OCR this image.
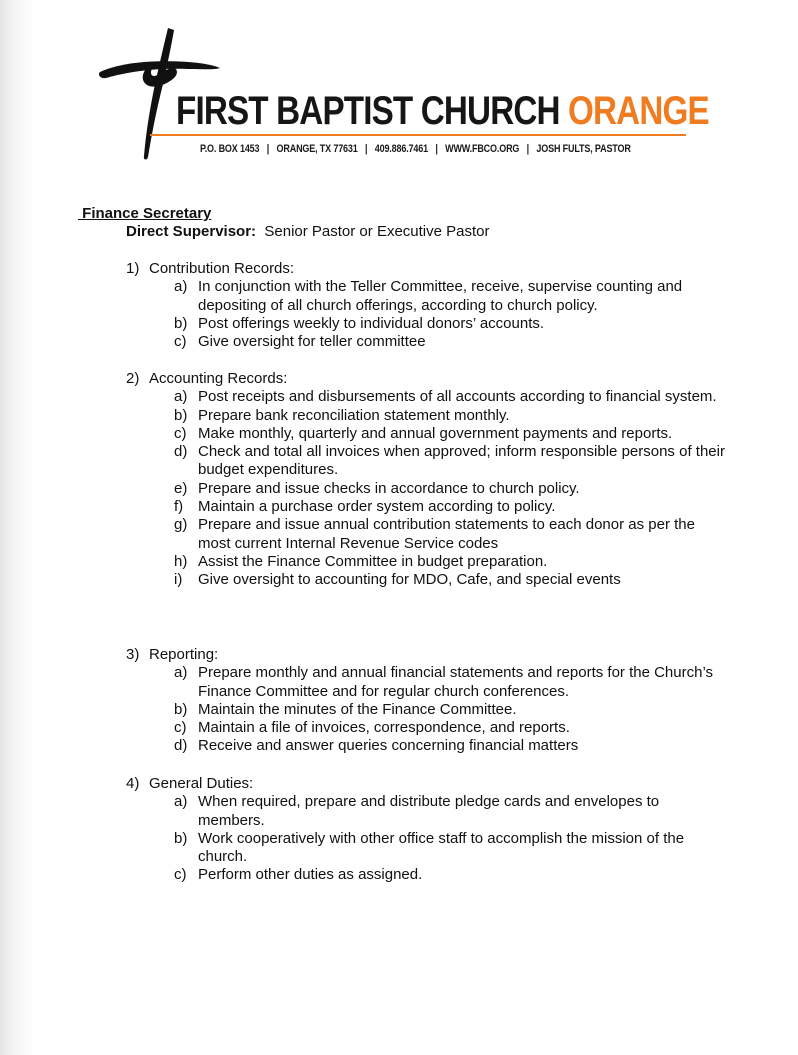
FIRST BAPTIST CHURCH ORANGE
P.O. BOX 1453 | ORANGE, TX 77631 | 409.886.7461 | WWW.FBCO.ORG | JOSH FULTS, PASTOR
Finance Secretary
Direct Supervisor: Senior Pastor or Executive Pastor
1) Contribution Records:
a) In conjunction with the Teller Committee, receive, supervise counting and depositing of all church offerings, according to church policy.
b) Post offerings weekly to individual donors’ accounts.
c) Give oversight for teller committee
2) Accounting Records:
a) Post receipts and disbursements of all accounts according to financial system.
b) Prepare bank reconciliation statement monthly.
c) Make monthly, quarterly and annual government payments and reports.
d) Check and total all invoices when approved; inform responsible persons of their budget expenditures.
e) Prepare and issue checks in accordance to church policy.
f) Maintain a purchase order system according to policy.
g) Prepare and issue annual contribution statements to each donor as per the most current Internal Revenue Service codes
h) Assist the Finance Committee in budget preparation.
i) Give oversight to accounting for MDO, Cafe, and special events
3) Reporting:
a) Prepare monthly and annual financial statements and reports for the Church’s Finance Committee and for regular church conferences.
b) Maintain the minutes of the Finance Committee.
c) Maintain a file of invoices, correspondence, and reports.
d) Receive and answer queries concerning financial matters
4) General Duties:
a) When required, prepare and distribute pledge cards and envelopes to members.
b) Work cooperatively with other office staff to accomplish the mission of the church.
c) Perform other duties as assigned.
